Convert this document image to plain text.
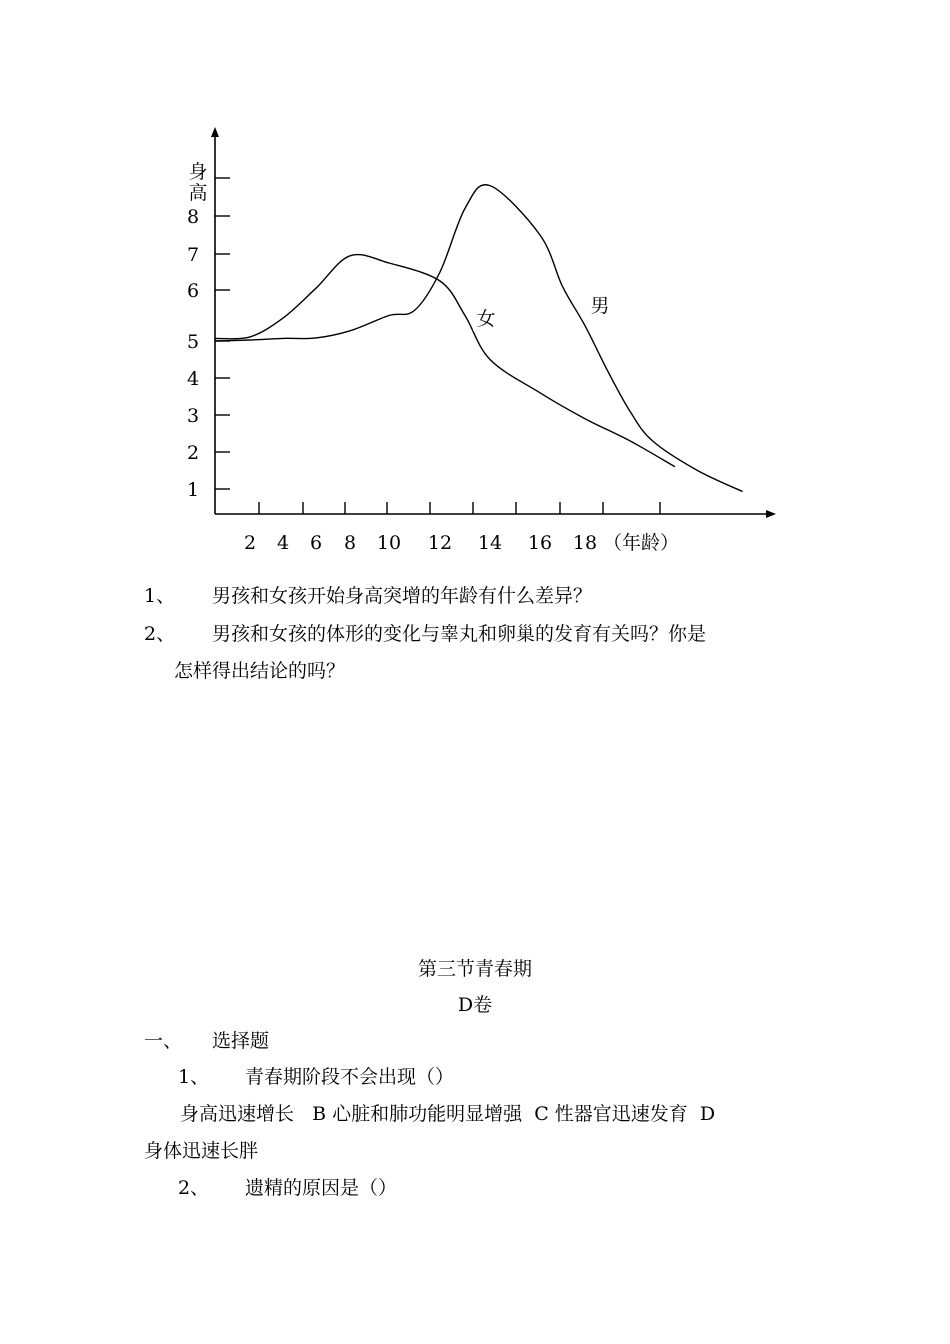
1
2
3
4
5
6
7
8
2 4 6 8 10 12 14 16 18
男
女
身
高
（年龄）
1、 男孩和女孩开始身高突增的年龄有什么差异？
2、 男孩和女孩的体形的变化与睾丸和卵巢的发育有关吗？你是
怎样得出结论的吗？
第三节青春期
D卷
一、 选择题
1、 青春期阶段不会出现（）
身高迅速增长   B 心脏和肺功能明显增强  C 性器官迅速发育  D
身体迅速长胖
2、 遗精的原因是（）
